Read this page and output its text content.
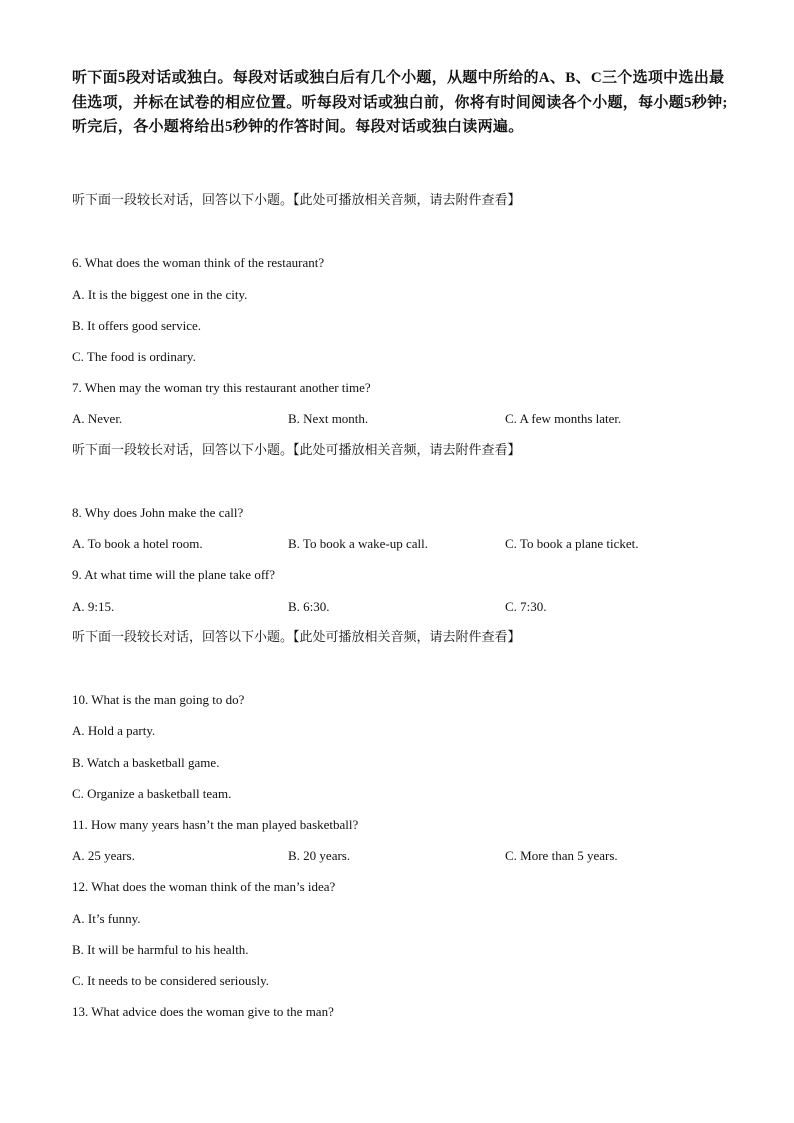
听下面5段对话或独白。每段对话或独白后有几个小题，从题中所给的A、B、C三个选项中选出最佳选项，并标在试卷的相应位置。听每段对话或独白前，你将有时间阅读各个小题，每小题5秒钟;听完后，各小题将给出5秒钟的作答时间。每段对话或独白读两遍。

听下面一段较长对话，回答以下小题。【此处可播放相关音频，请去附件查看】

6. What does the woman think of the restaurant?

A. It is the biggest one in the city.

B. It offers good service.

C. The food is ordinary.

7. When may the woman try this restaurant another time?

A. Never.	B. Next month.	C. A few months later.

听下面一段较长对话，回答以下小题。【此处可播放相关音频，请去附件查看】

8. Why does John make the call?

A. To book a hotel room.	B. To book a wake-up call.	C. To book a plane ticket.

9. At what time will the plane take off?

A. 9:15.	B. 6:30.	C. 7:30.

听下面一段较长对话，回答以下小题。【此处可播放相关音频，请去附件查看】

10. What is the man going to do?

A. Hold a party.

B. Watch a basketball game.

C. Organize a basketball team.

11. How many years hasn’t the man played basketball?

A. 25 years.	B. 20 years.	C. More than 5 years.

12. What does the woman think of the man’s idea?

A. It’s funny.

B. It will be harmful to his health.

C. It needs to be considered seriously.

13. What advice does the woman give to the man?
